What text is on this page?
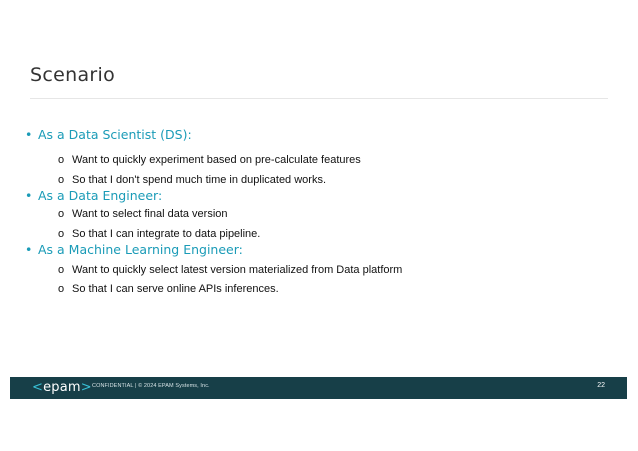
Scenario
• As a Data Scientist (DS):
o Want to quickly experiment based on pre-calculate features
o So that I don't spend much time in duplicated works.
• As a Data Engineer:
o Want to select final data version
o So that I can integrate to data pipeline.
• As a Machine Learning Engineer:
o Want to quickly select latest version materialized from Data platform
o So that I can serve online APIs inferences.
<epam> CONFIDENTIAL | © 2024 EPAM Systems, Inc.	22
